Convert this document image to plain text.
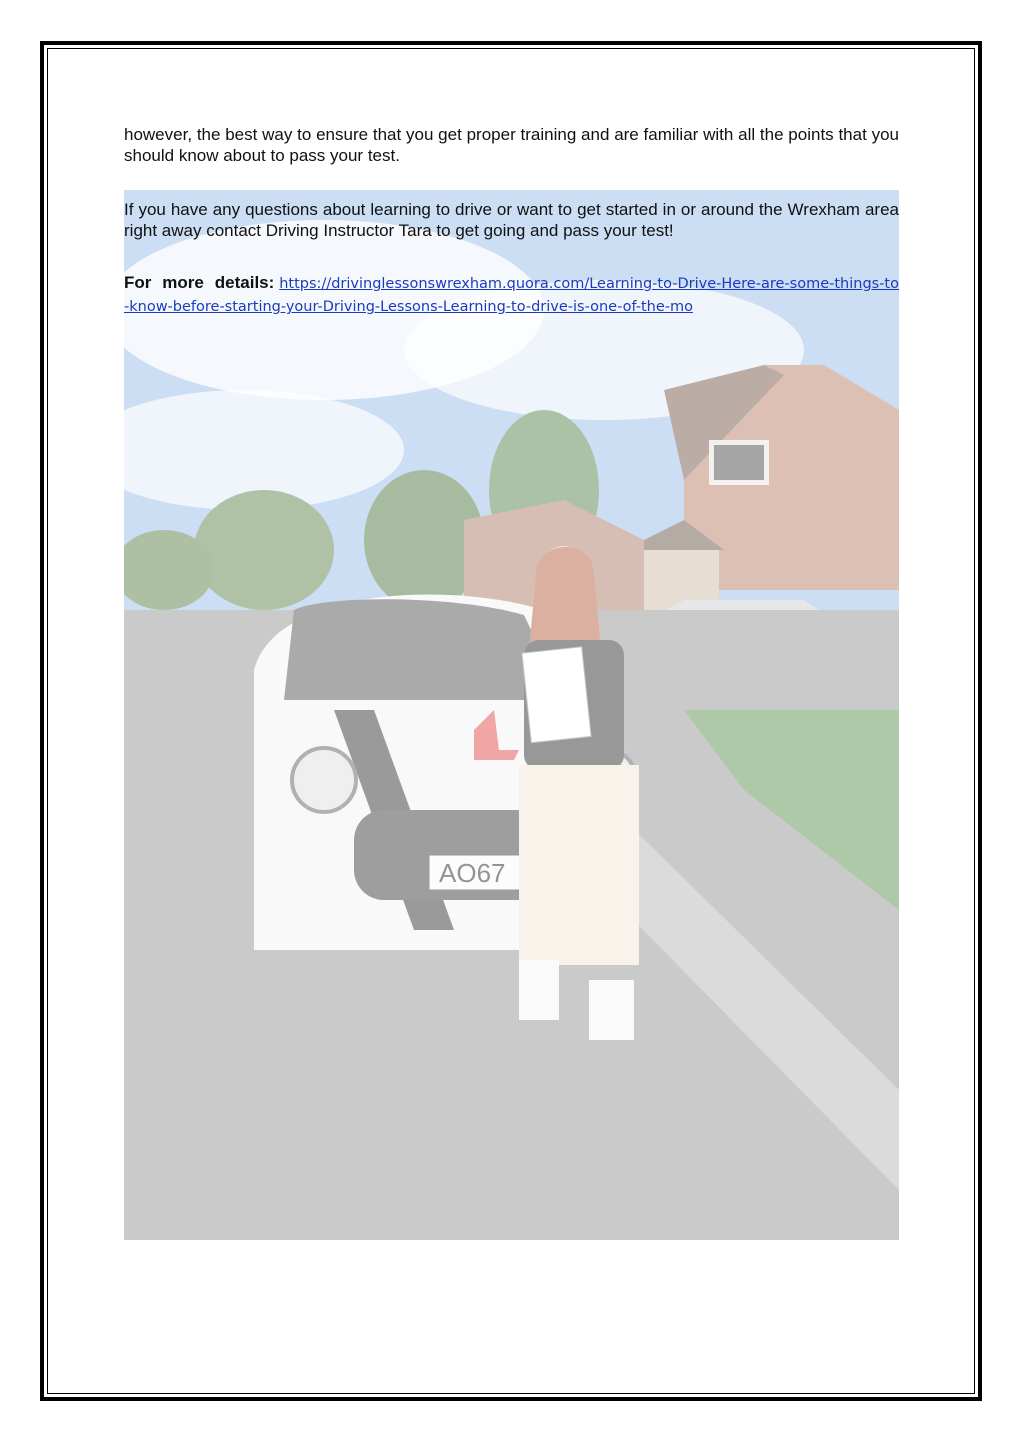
AO67
however, the best way to ensure that you get proper training and are familiar with all the points that you should know about to pass your test.
If you have any questions about learning to drive or want to get started in or around the Wrexham area right away contact Driving Instructor Tara to get going and pass your test!
For more details: https://drivinglessonswrexham.quora.com/Learning-to-Drive-Here-are-some-things-to-know-before-starting-your-Driving-Lessons-Learning-to-drive-is-one-of-the-mo
